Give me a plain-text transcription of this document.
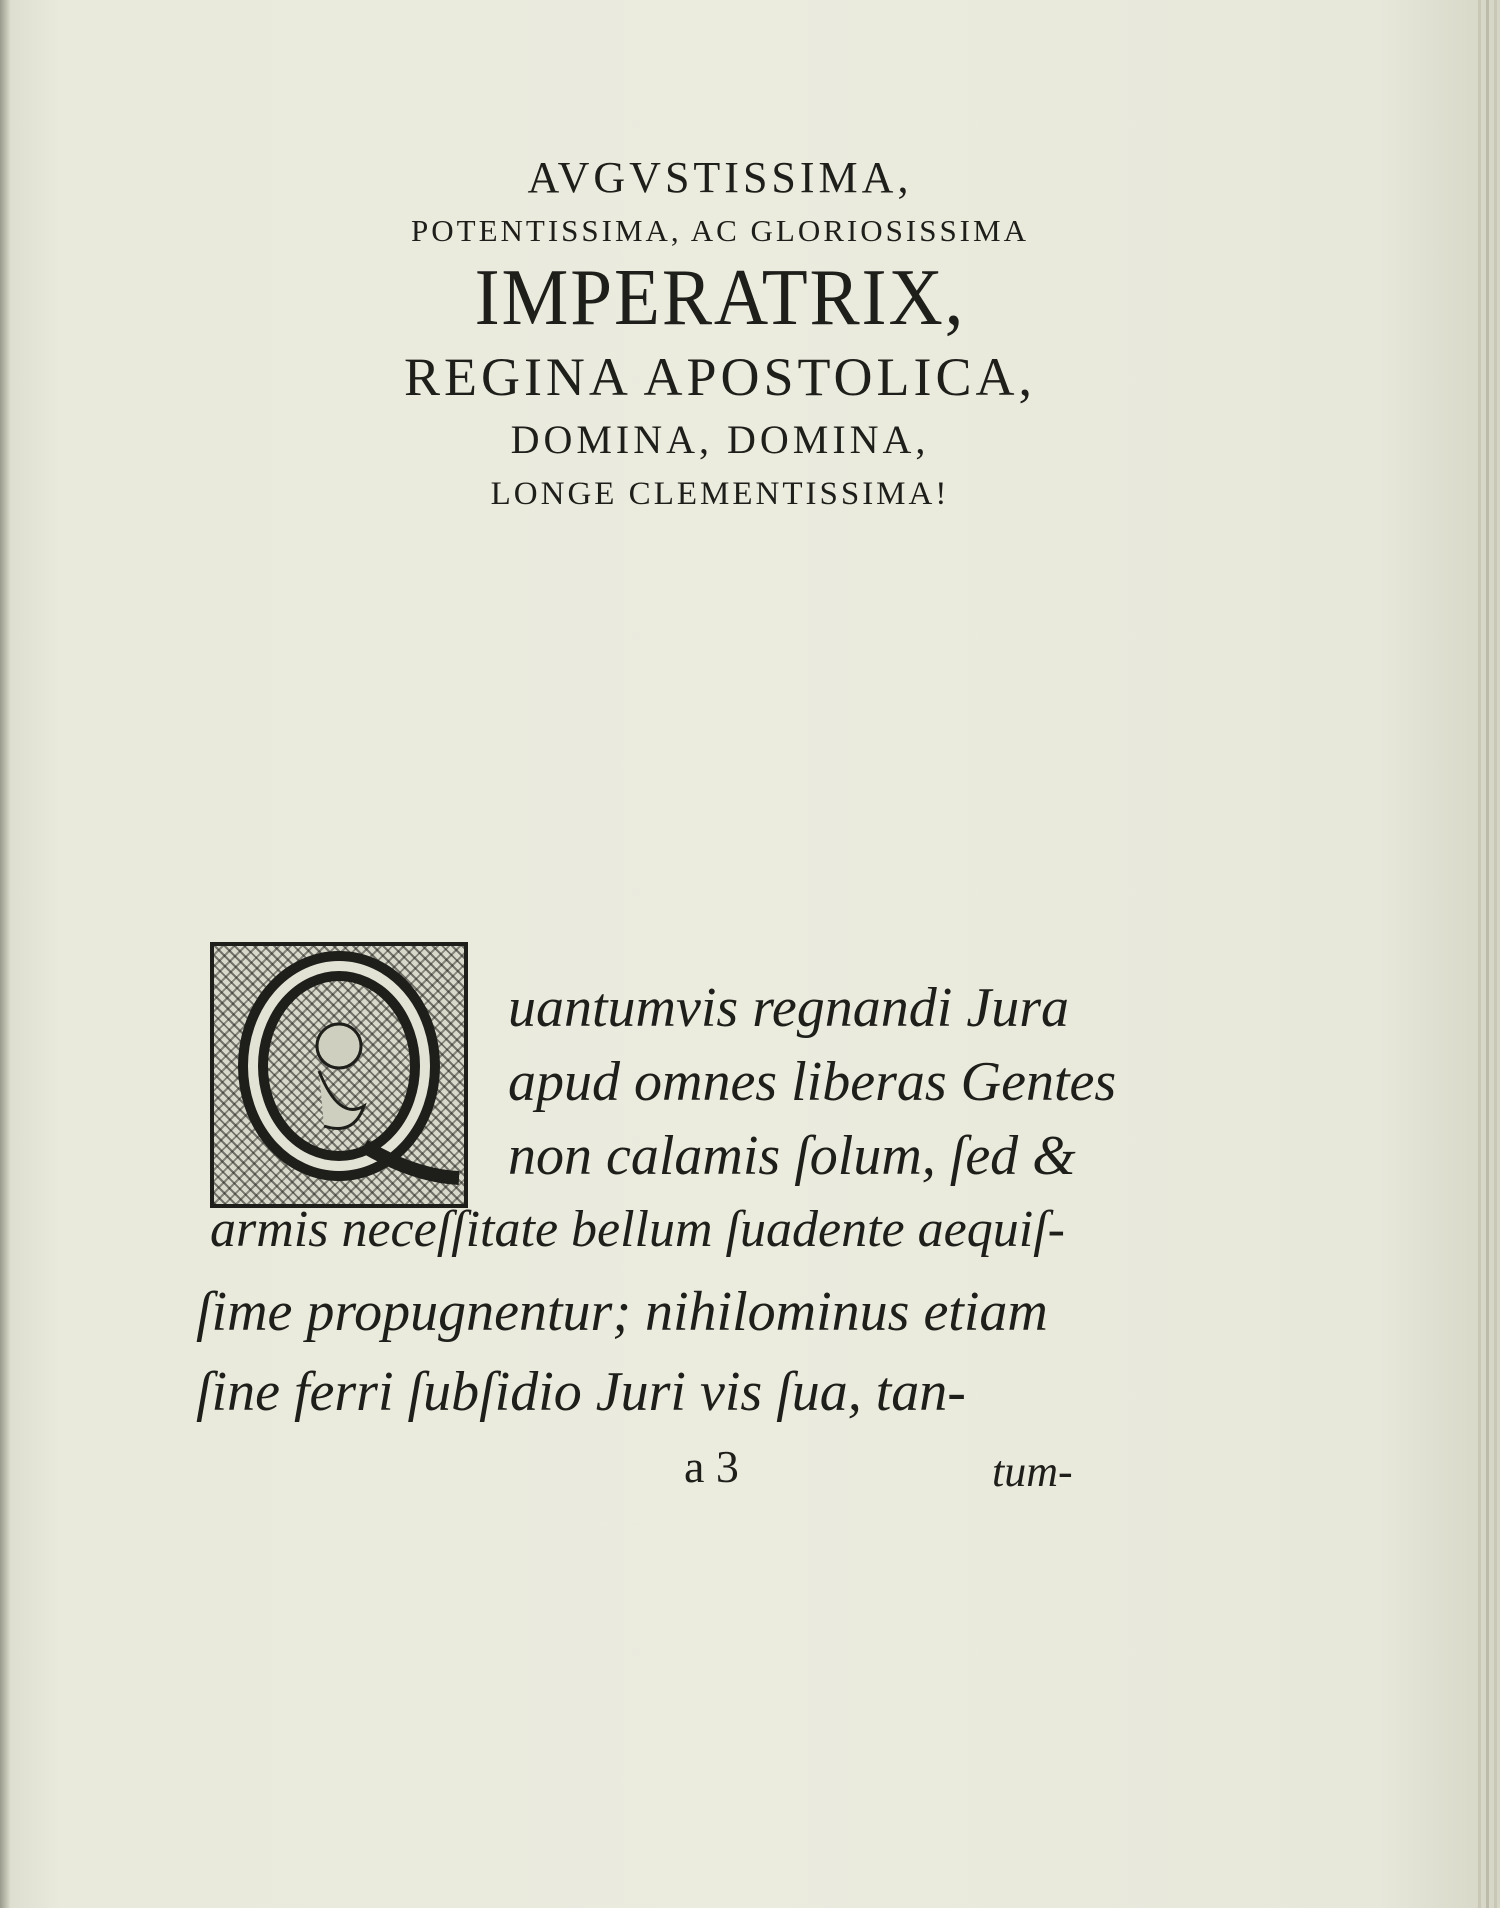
AVGVSTISSIMA,
POTENTISSIMA, AC GLORIOSISSIMA
IMPERATRIX,
REGINA APOSTOLICA,
DOMINA, DOMINA,
LONGE CLEMENTISSIMA!
uantumvis regnandi Jura
apud omnes liberas Gentes
non calamis ſolum, ſed &
armis neceſſitate bellum ſuadente aequiſ-
ſime propugnentur; nihilominus etiam
ſine ferri ſubſidio Juri vis ſua, tan-
a 3	tum-
